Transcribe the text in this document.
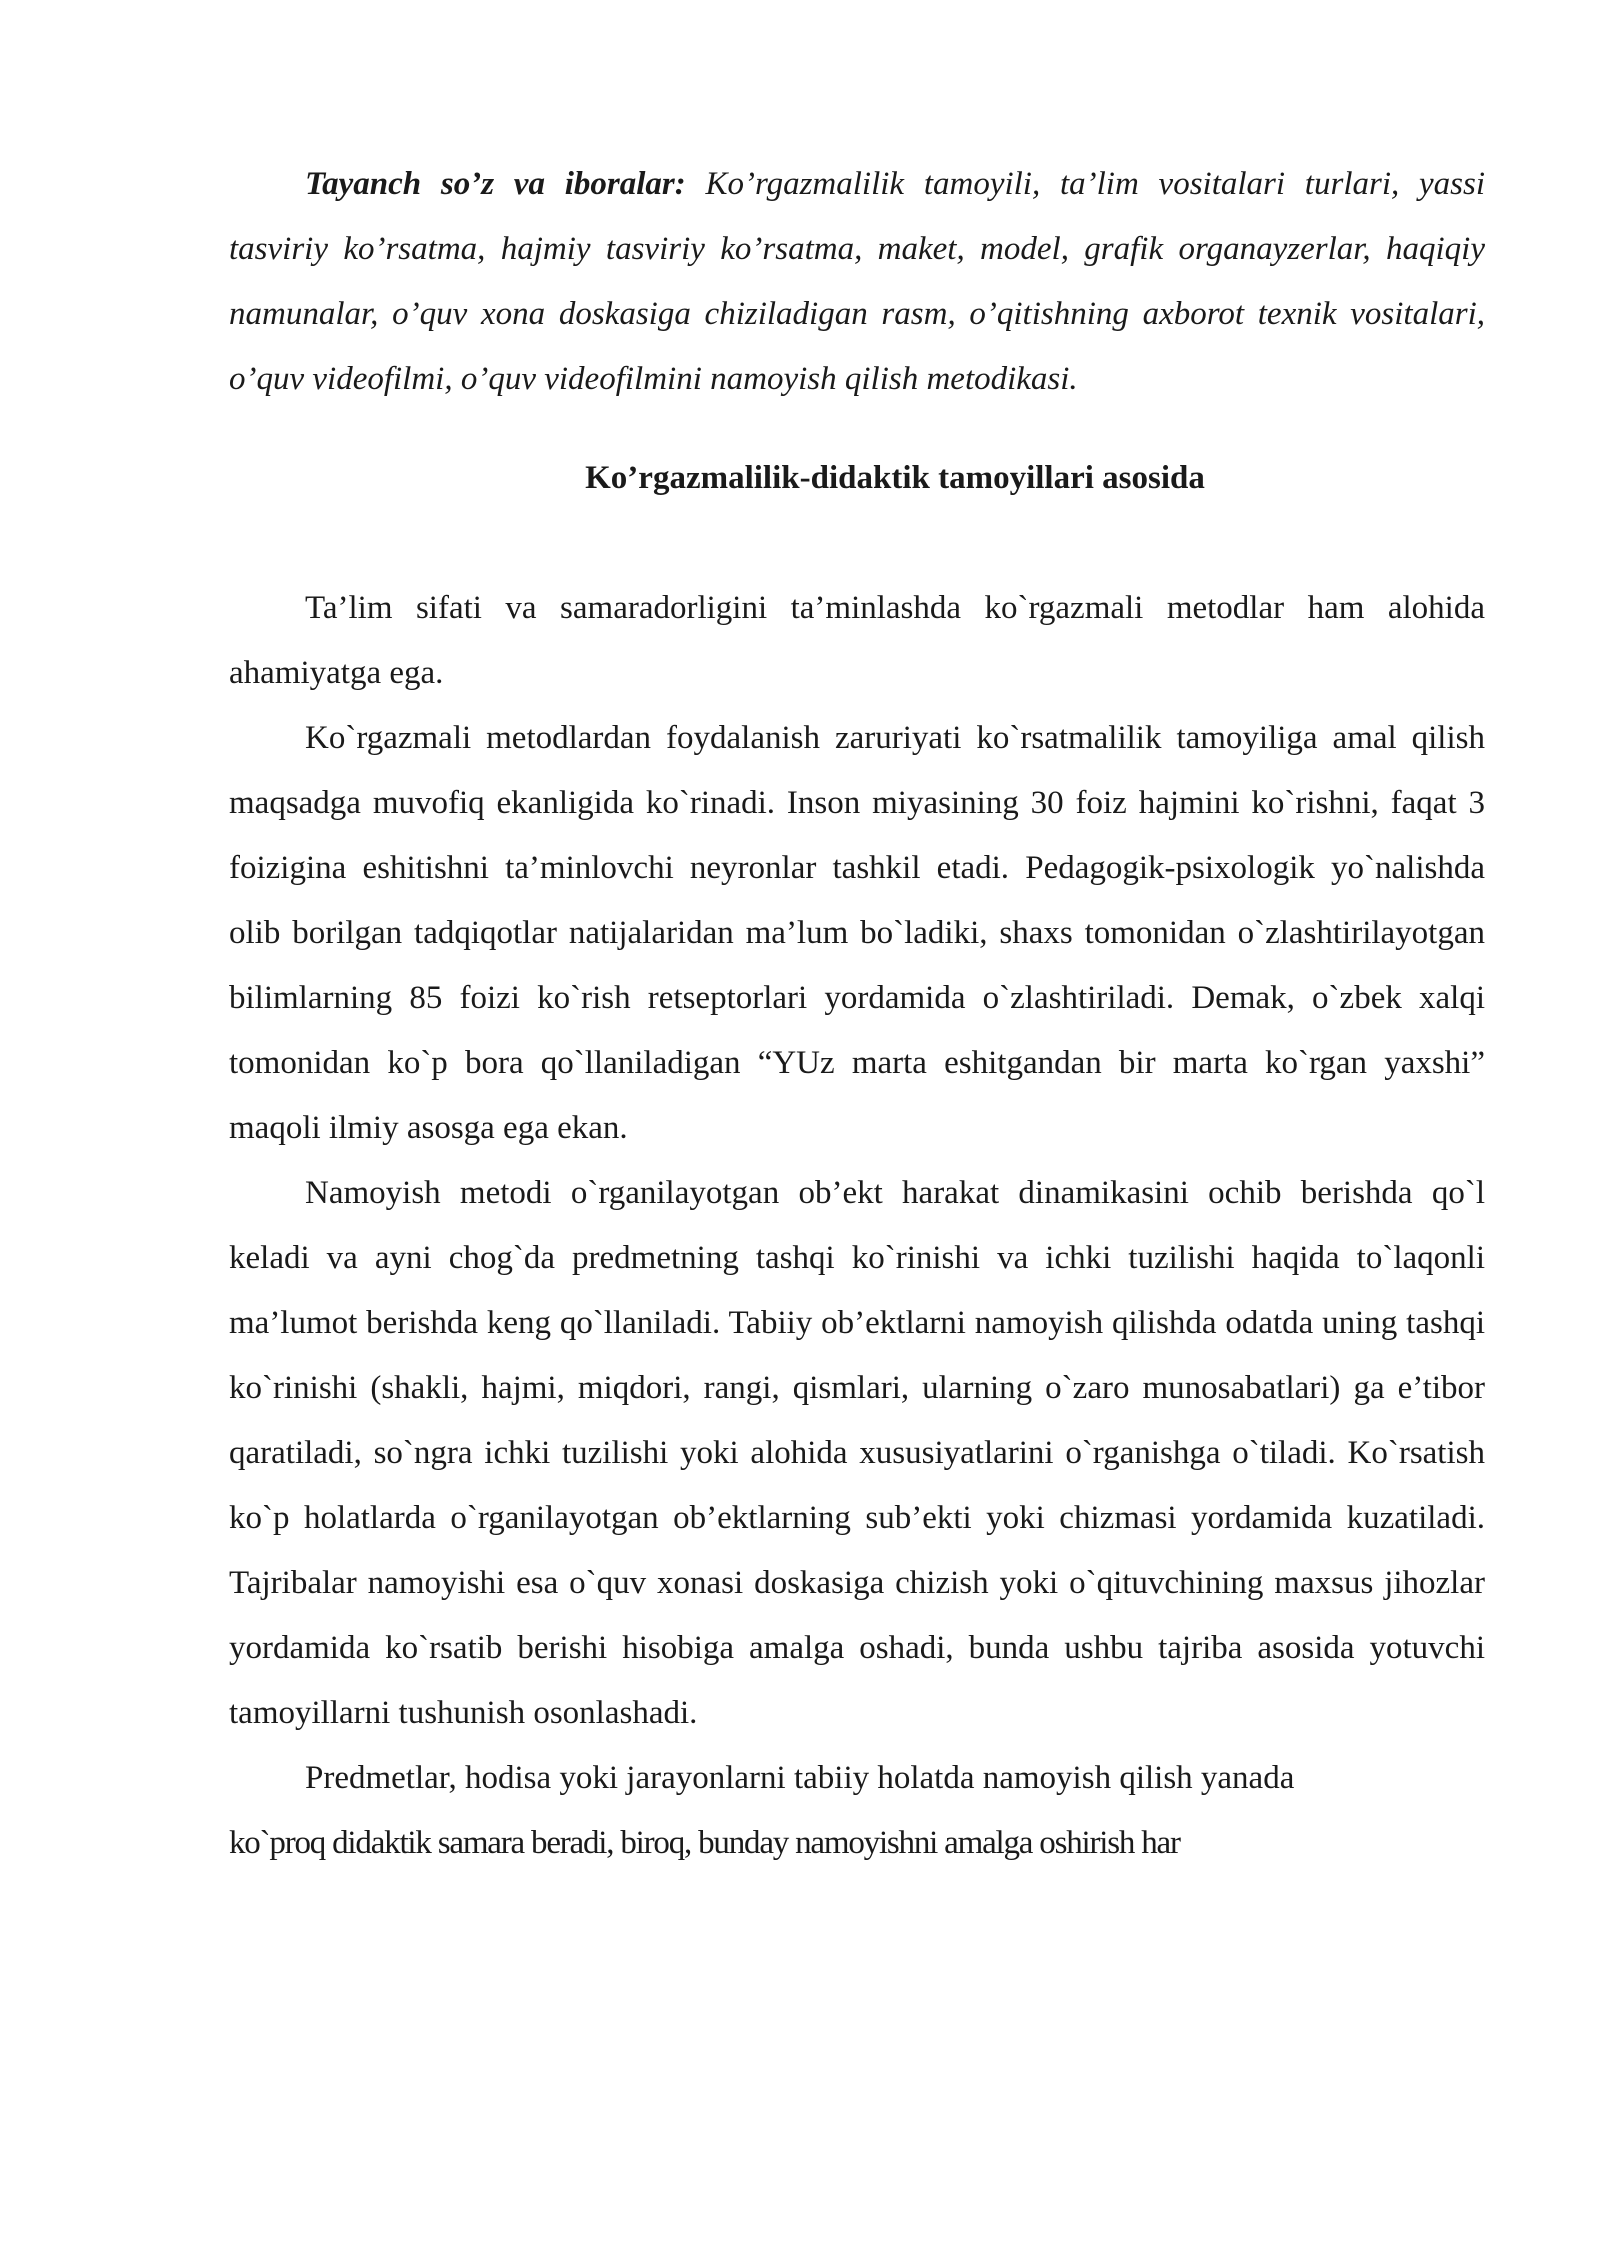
Tayanch so’z va iboralar: Ko’rgazmalilik tamoyili, ta’lim vositalari turlari, yassi tasviriy ko’rsatma, hajmiy tasviriy ko’rsatma, maket, model, grafik organayzerlar, haqiqiy namunalar, o’quv xona doskasiga chiziladigan rasm, o’qitishning axborot texnik vositalari, o’quv videofilmi, o’quv videofilmini namoyish qilish metodikasi.

Ko’rgazmalilik-didaktik tamoyillari asosida

Ta’lim sifati va samaradorligini ta’minlashda ko`rgazmali metodlar ham alohida ahamiyatga ega.

Ko`rgazmali metodlardan foydalanish zaruriyati ko`rsatmalilik tamoyiliga amal qilish maqsadga muvofiq ekanligida ko`rinadi. Inson miyasining 30 foiz hajmini ko`rishni, faqat 3 foizigina eshitishni ta’minlovchi neyronlar tashkil etadi. Pedagogik-psixologik yo`nalishda olib borilgan tadqiqotlar natijalaridan ma’lum bo`ladiki, shaxs tomonidan o`zlashtirilayotgan bilimlarning 85 foizi ko`rish retseptorlari yordamida o`zlashtiriladi. Demak, o`zbek xalqi tomonidan ko`p bora qo`llaniladigan “YUz marta eshitgandan bir marta ko`rgan yaxshi” maqoli ilmiy asosga ega ekan.

Namoyish metodi o`rganilayotgan ob’ekt harakat dinamikasini ochib berishda qo`l keladi va ayni chog`da predmetning tashqi ko`rinishi va ichki tuzilishi haqida to`laqonli ma’lumot berishda keng qo`llaniladi. Tabiiy ob’ektlarni namoyish qilishda odatda uning tashqi ko`rinishi (shakli, hajmi, miqdori, rangi, qismlari, ularning o`zaro munosabatlari) ga e’tibor qaratiladi, so`ngra ichki tuzilishi yoki alohida xususiyatlarini o`rganishga o`tiladi. Ko`rsatish ko`p holatlarda o`rganilayotgan ob’ektlarning sub’ekti yoki chizmasi yordamida kuzatiladi. Tajribalar namoyishi esa o`quv xonasi doskasiga chizish yoki o`qituvchining maxsus jihozlar yordamida ko`rsatib berishi hisobiga amalga oshadi, bunda ushbu tajriba asosida yotuvchi tamoyillarni tushunish osonlashadi.

Predmetlar, hodisa yoki jarayonlarni tabiiy holatda namoyish qilish yanada

ko`proq didaktik samara beradi, biroq, bunday namoyishni amalga oshirish har
